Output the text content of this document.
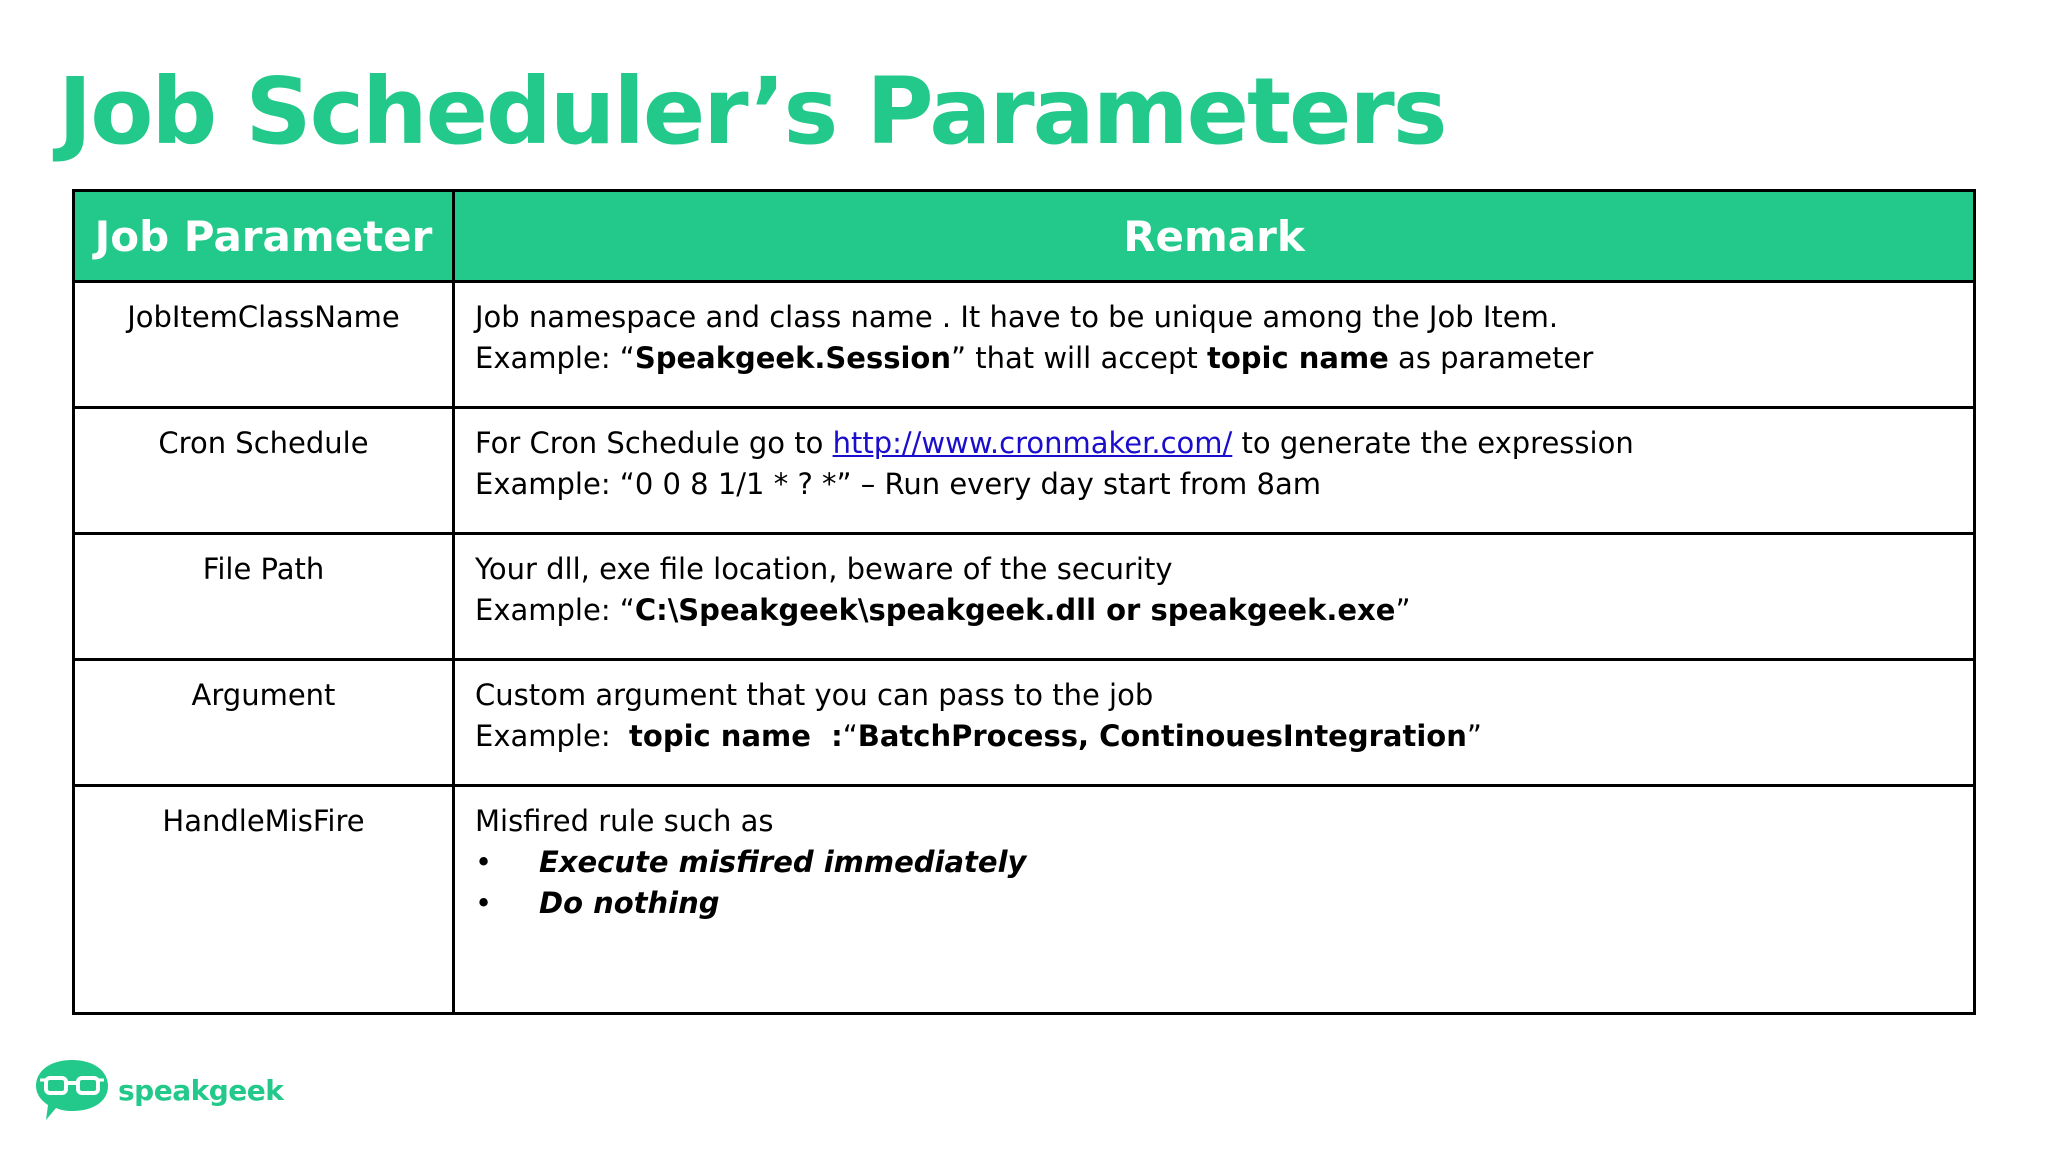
Job Scheduler’s Parameters
Job Parameter	Remark
JobItemClassName	Job namespace and class name . It have to be unique among the Job Item.
Example: “Speakgeek.Session” that will accept topic name as parameter

Cron Schedule	For Cron Schedule go to http://www.cronmaker.com/ to generate the expression
Example: “0 0 8 1/1 * ? *” – Run every day start from 8am

File Path	Your dll, exe file location, beware of the security
Example: “C:\Speakgeek\speakgeek.dll or speakgeek.exe”

Argument	Custom argument that you can pass to the job
Example:  topic name  :“BatchProcess, ContinouesIntegration”

HandleMisFire	Misfired rule such as
• Execute misfired immediately
• Do nothing
speakgeek
